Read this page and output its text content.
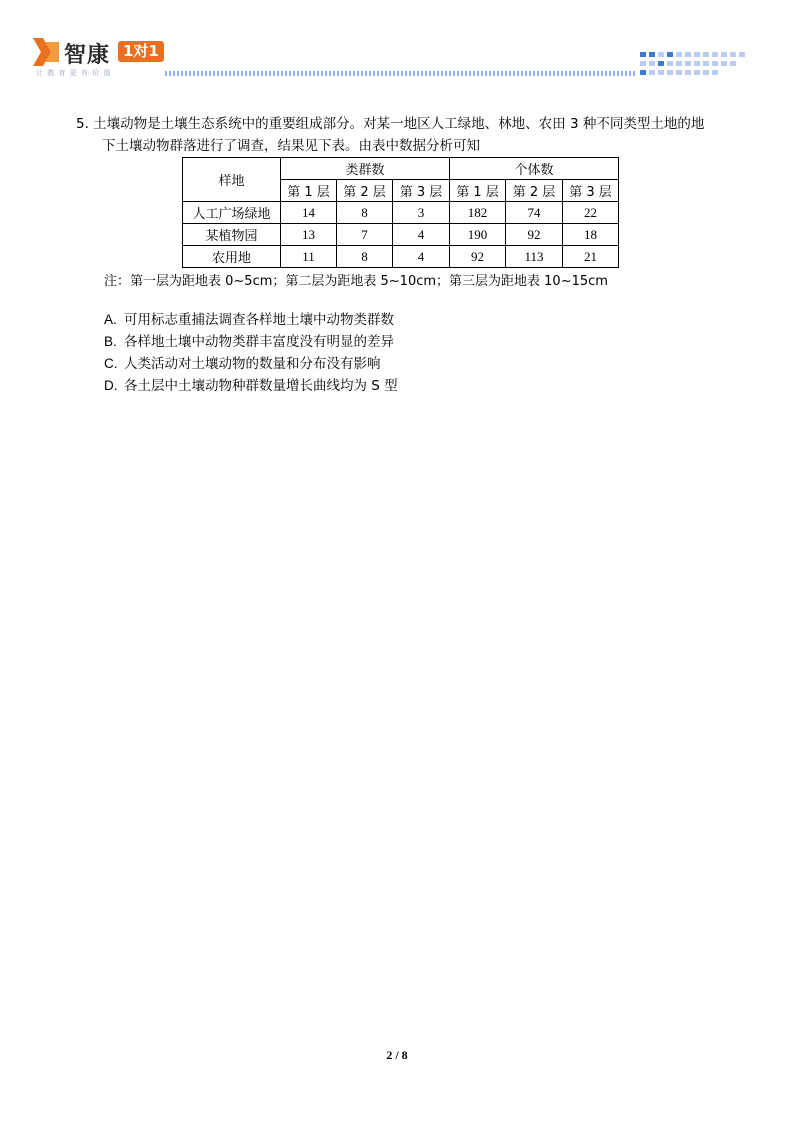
智康 1对1
让 教 育 更 有 价 值
5. 土壤动物是土壤生态系统中的重要组成部分。对某一地区人工绿地、林地、农田 3 种不同类型土地的地
下土壤动物群落进行了调查，结果见下表。由表中数据分析可知
样地	类群数			个体数		
	第 1 层	第 2 层	第 3 层	第 1 层	第 2 层	第 3 层
人工广场绿地	14	8	3	182	74	22
某植物园	13	7	4	190	92	18
农用地	11	8	4	92	113	21
注：第一层为距地表 0~5cm；第二层为距地表 5~10cm；第三层为距地表 10~15cm
A. 可用标志重捕法调查各样地土壤中动物类群数
B. 各样地土壤中动物类群丰富度没有明显的差异
C. 人类活动对土壤动物的数量和分布没有影响
D. 各土层中土壤动物种群数量增长曲线均为 S 型
2 / 8
